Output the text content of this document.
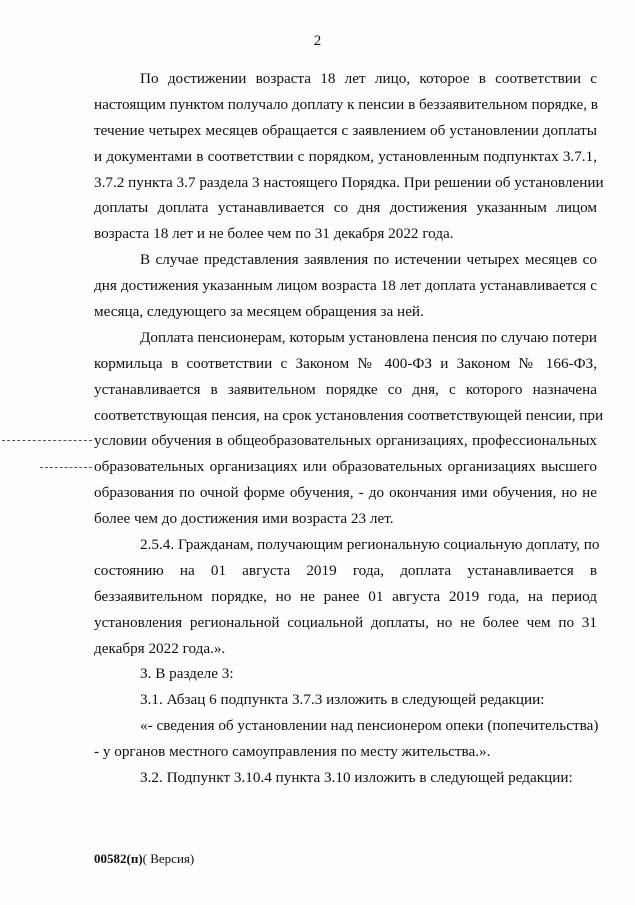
2
По достижении возраста 18 лет лицо, которое в соответствии с
настоящим пунктом получало доплату к пенсии в беззаявительном порядке, в
течение четырех месяцев обращается с заявлением об установлении доплаты
и документами в соответствии с порядком, установленным подпунктах 3.7.1,
3.7.2 пункта 3.7 раздела 3 настоящего Порядка. При решении об установлении
доплаты доплата устанавливается со дня достижения указанным лицом
возраста 18 лет и не более чем по 31 декабря 2022 года.
В случае представления заявления по истечении четырех месяцев со
дня достижения указанным лицом возраста 18 лет доплата устанавливается с
месяца, следующего за месяцем обращения за ней.
Доплата пенсионерам, которым установлена пенсия по случаю потери
кормильца в соответствии с Законом № 400-ФЗ и Законом № 166-ФЗ,
устанавливается в заявительном порядке со дня, с которого назначена
соответствующая пенсия, на срок установления соответствующей пенсии, при
условии обучения в общеобразовательных организациях, профессиональных
образовательных организациях или образовательных организациях высшего
образования по очной форме обучения, - до окончания ими обучения, но не
более чем до достижения ими возраста 23 лет.
2.5.4. Гражданам, получающим региональную социальную доплату, по
состоянию на 01 августа 2019 года, доплата устанавливается в
беззаявительном порядке, но не ранее 01 августа 2019 года, на период
установления региональной социальной доплаты, но не более чем по 31
декабря 2022 года.».
3. В разделе 3:
3.1. Абзац 6 подпункта 3.7.3 изложить в следующей редакции:
«- сведения об установлении над пенсионером опеки (попечительства)
- у органов местного самоуправления по месту жительства.».
3.2. Подпункт 3.10.4 пункта 3.10 изложить в следующей редакции:
00582(п)( Версия)
